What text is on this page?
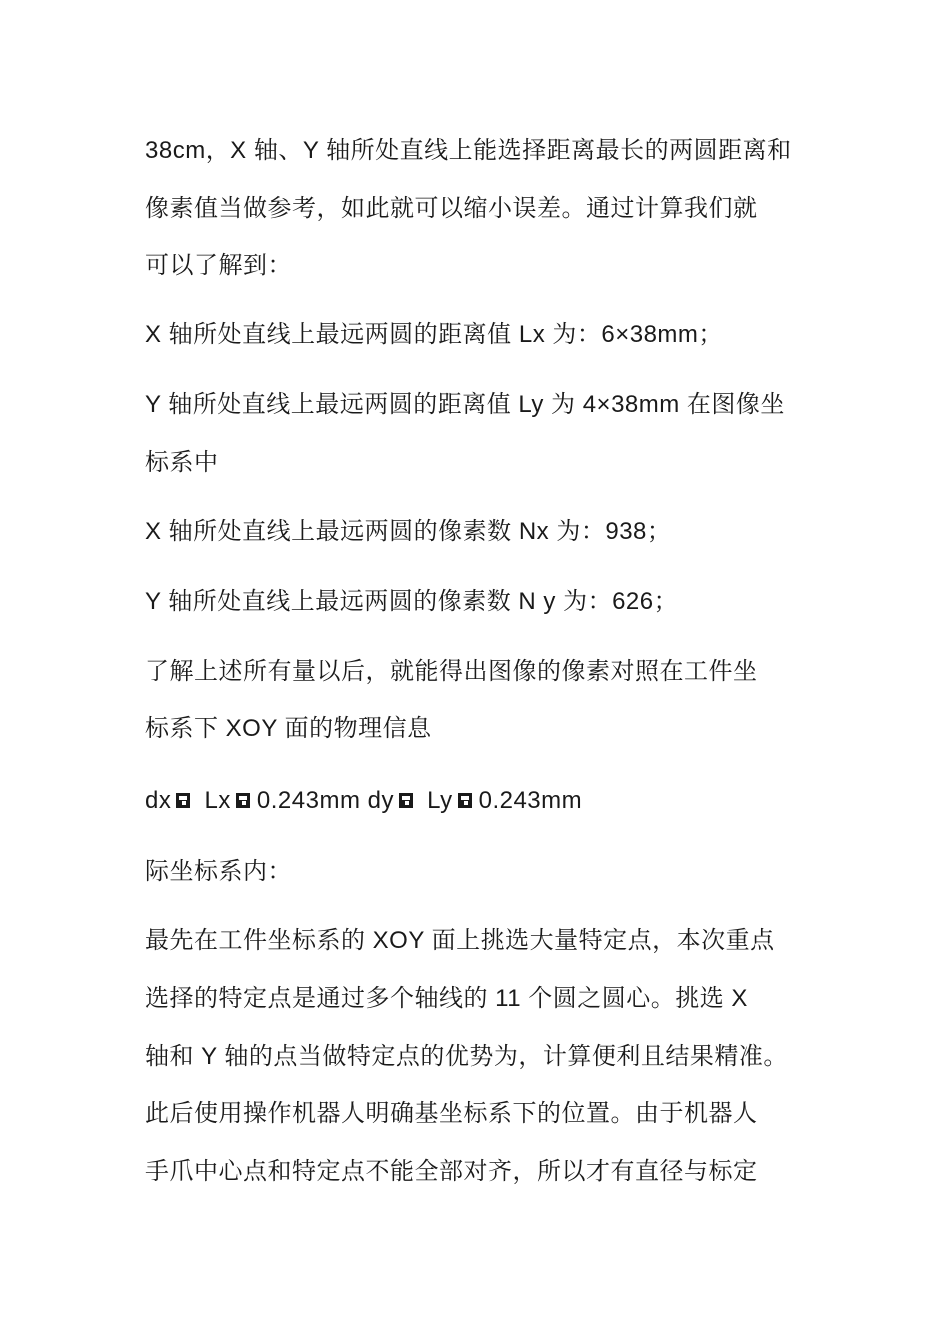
38cm，X 轴、Y 轴所处直线上能选择距离最长的两圆距离和
像素值当做参考，如此就可以缩小误差。通过计算我们就
可以了解到：
X 轴所处直线上最远两圆的距离值 Lx 为：6×38mm；
Y 轴所处直线上最远两圆的距离值 Ly 为 4×38mm 在图像坐
标系中
X 轴所处直线上最远两圆的像素数 Nx 为：938；
Y 轴所处直线上最远两圆的像素数 N y 为：626；
了解上述所有量以后，就能得出图像的像素对照在工件坐
标系下 XOY 面的物理信息
dx Lx 0.243mm dy Ly 0.243mm
际坐标系内：
最先在工件坐标系的 XOY 面上挑选大量特定点，本次重点
选择的特定点是通过多个轴线的 11 个圆之圆心。挑选 X
轴和 Y 轴的点当做特定点的优势为，计算便利且结果精准。
此后使用操作机器人明确基坐标系下的位置。由于机器人
手爪中心点和特定点不能全部对齐，所以才有直径与标定
